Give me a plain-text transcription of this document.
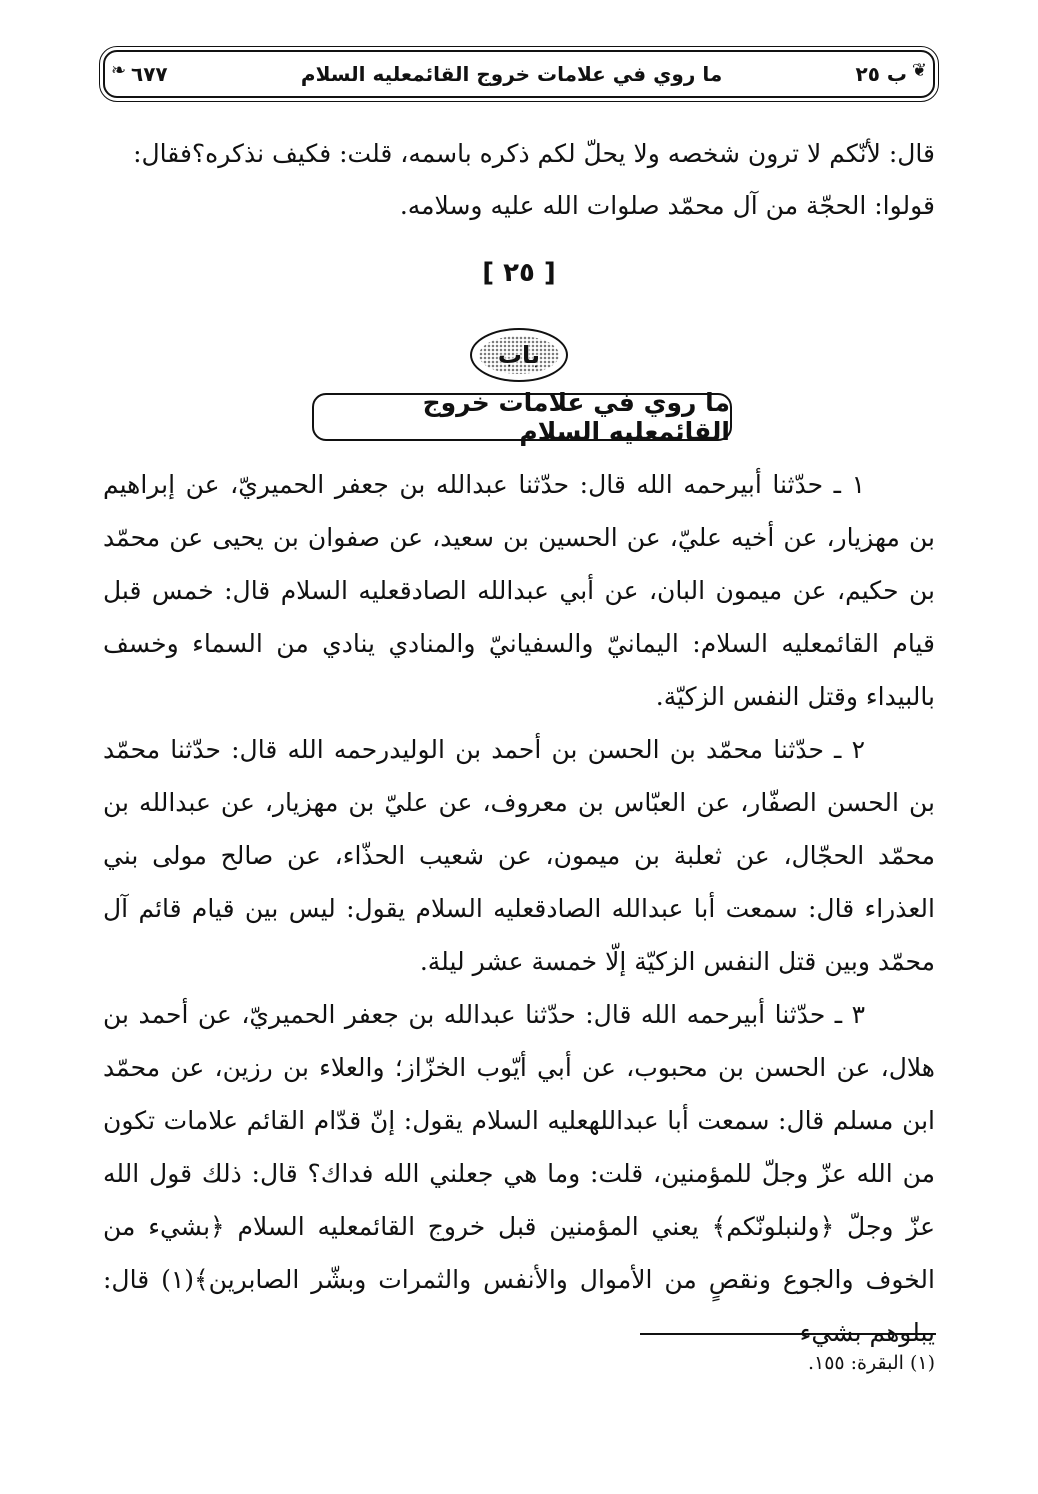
❦
ب ٢٥
ما روي في علامات خروج القائمعليه السلام
٦٧٧
❧

قال: لأنّكم لا ترون شخصه ولا يحلّ لكم ذكره باسمه، قلت: فكيف نذكره؟فقال:

قولوا: الحجّة من آل محمّد صلوات الله عليه وسلامه.

[ ٢٥ ]
باب
ما روي في علامات خروج القائمعليه السلام

١ ـ حدّثنا أبيرحمه الله قال: حدّثنا عبدالله بن جعفر الحميريّ، عن إبراهيم بن مهزيار، عن أخيه عليّ، عن الحسين بن سعيد، عن صفوان بن يحيى عن محمّد بن حكيم، عن ميمون البان، عن أبي عبدالله الصادقعليه السلام قال: خمس قبل قيام القائمعليه السلام: اليمانيّ والسفيانيّ والمنادي ينادي من السماء وخسف بالبيداء وقتل النفس الزكيّة.

٢ ـ حدّثنا محمّد بن الحسن بن أحمد بن الوليدرحمه الله قال: حدّثنا محمّد بن الحسن الصفّار، عن العبّاس بن معروف، عن عليّ بن مهزيار، عن عبدالله بن محمّد الحجّال، عن ثعلبة بن ميمون، عن شعيب الحذّاء، عن صالح مولى بني العذراء قال: سمعت أبا عبدالله الصادقعليه السلام يقول: ليس بين قيام قائم آل محمّد وبين قتل النفس الزكيّة إلّا خمسة عشر ليلة.

٣ ـ حدّثنا أبيرحمه الله قال: حدّثنا عبدالله بن جعفر الحميريّ، عن أحمد بن هلال، عن الحسن بن محبوب، عن أبي أيّوب الخزّاز؛ والعلاء بن رزين، عن محمّد ابن مسلم قال: سمعت أبا عبداللهعليه السلام يقول: إنّ قدّام القائم علامات تكون من الله عزّ وجلّ للمؤمنين، قلت: وما هي جعلني الله فداك؟ قال: ذلك قول الله عزّ وجلّ ﴿ولنبلونّكم﴾ يعني المؤمنين قبل خروج القائمعليه السلام ﴿بشيء من الخوف والجوع ونقصٍ من الأموال والأنفس والثمرات وبشّر الصابرين﴾(١) قال: يبلوهم بشيء

(١) البقرة: ١٥٥.
